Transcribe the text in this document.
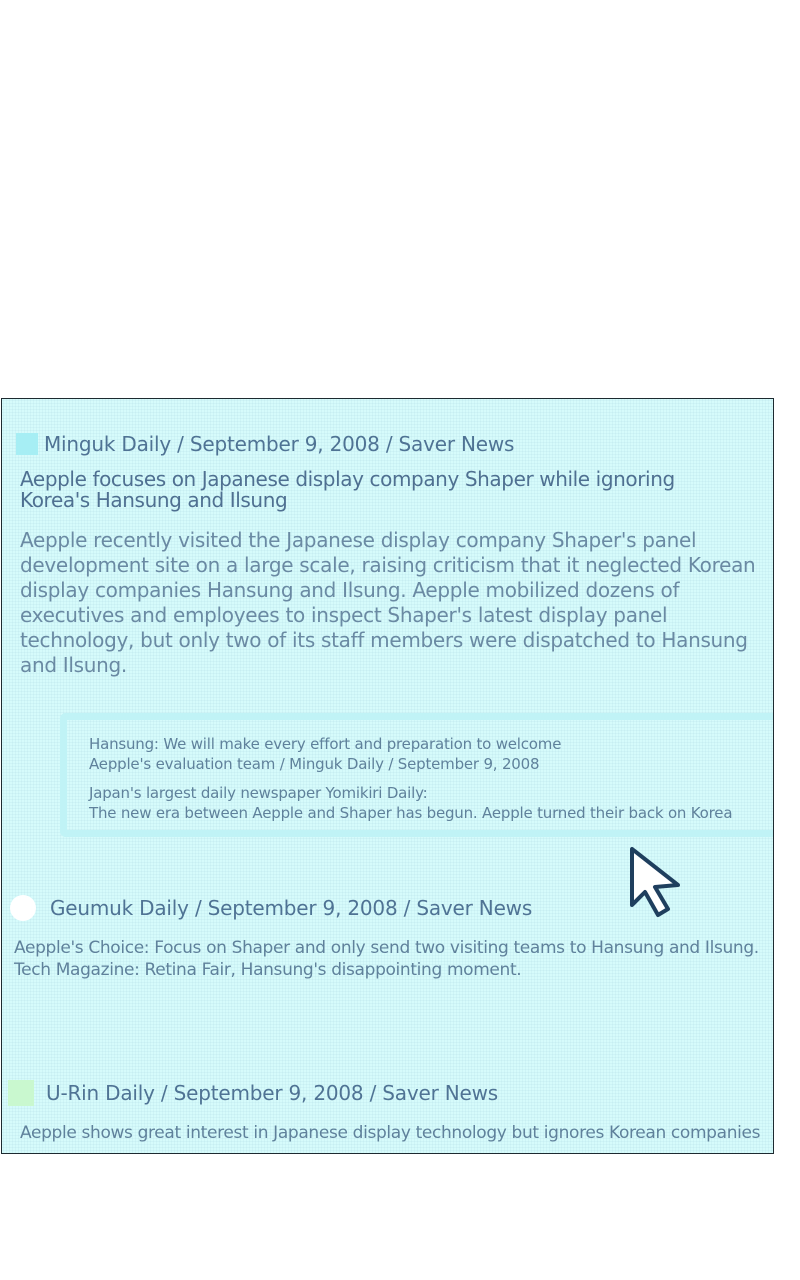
Minguk Daily / September 9, 2008 / Saver News
Aepple focuses on Japanese display company Shaper while ignoring
Korea's Hansung and Ilsung
Aepple recently visited the Japanese display company Shaper's panel
development site on a large scale, raising criticism that it neglected Korean
display companies Hansung and Ilsung. Aepple mobilized dozens of
executives and employees to inspect Shaper's latest display panel
technology, but only two of its staff members were dispatched to Hansung
and Ilsung.
Hansung: We will make every effort and preparation to welcome
Aepple's evaluation team / Minguk Daily / September 9, 2008
Japan's largest daily newspaper Yomikiri Daily:
The new era between Aepple and Shaper has begun. Aepple turned their back on Korea
Geumuk Daily / September 9, 2008 / Saver News
Aepple's Choice: Focus on Shaper and only send two visiting teams to Hansung and Ilsung.
Tech Magazine: Retina Fair, Hansung's disappointing moment.
U-Rin Daily / September 9, 2008 / Saver News
Aepple shows great interest in Japanese display technology but ignores Korean companies
